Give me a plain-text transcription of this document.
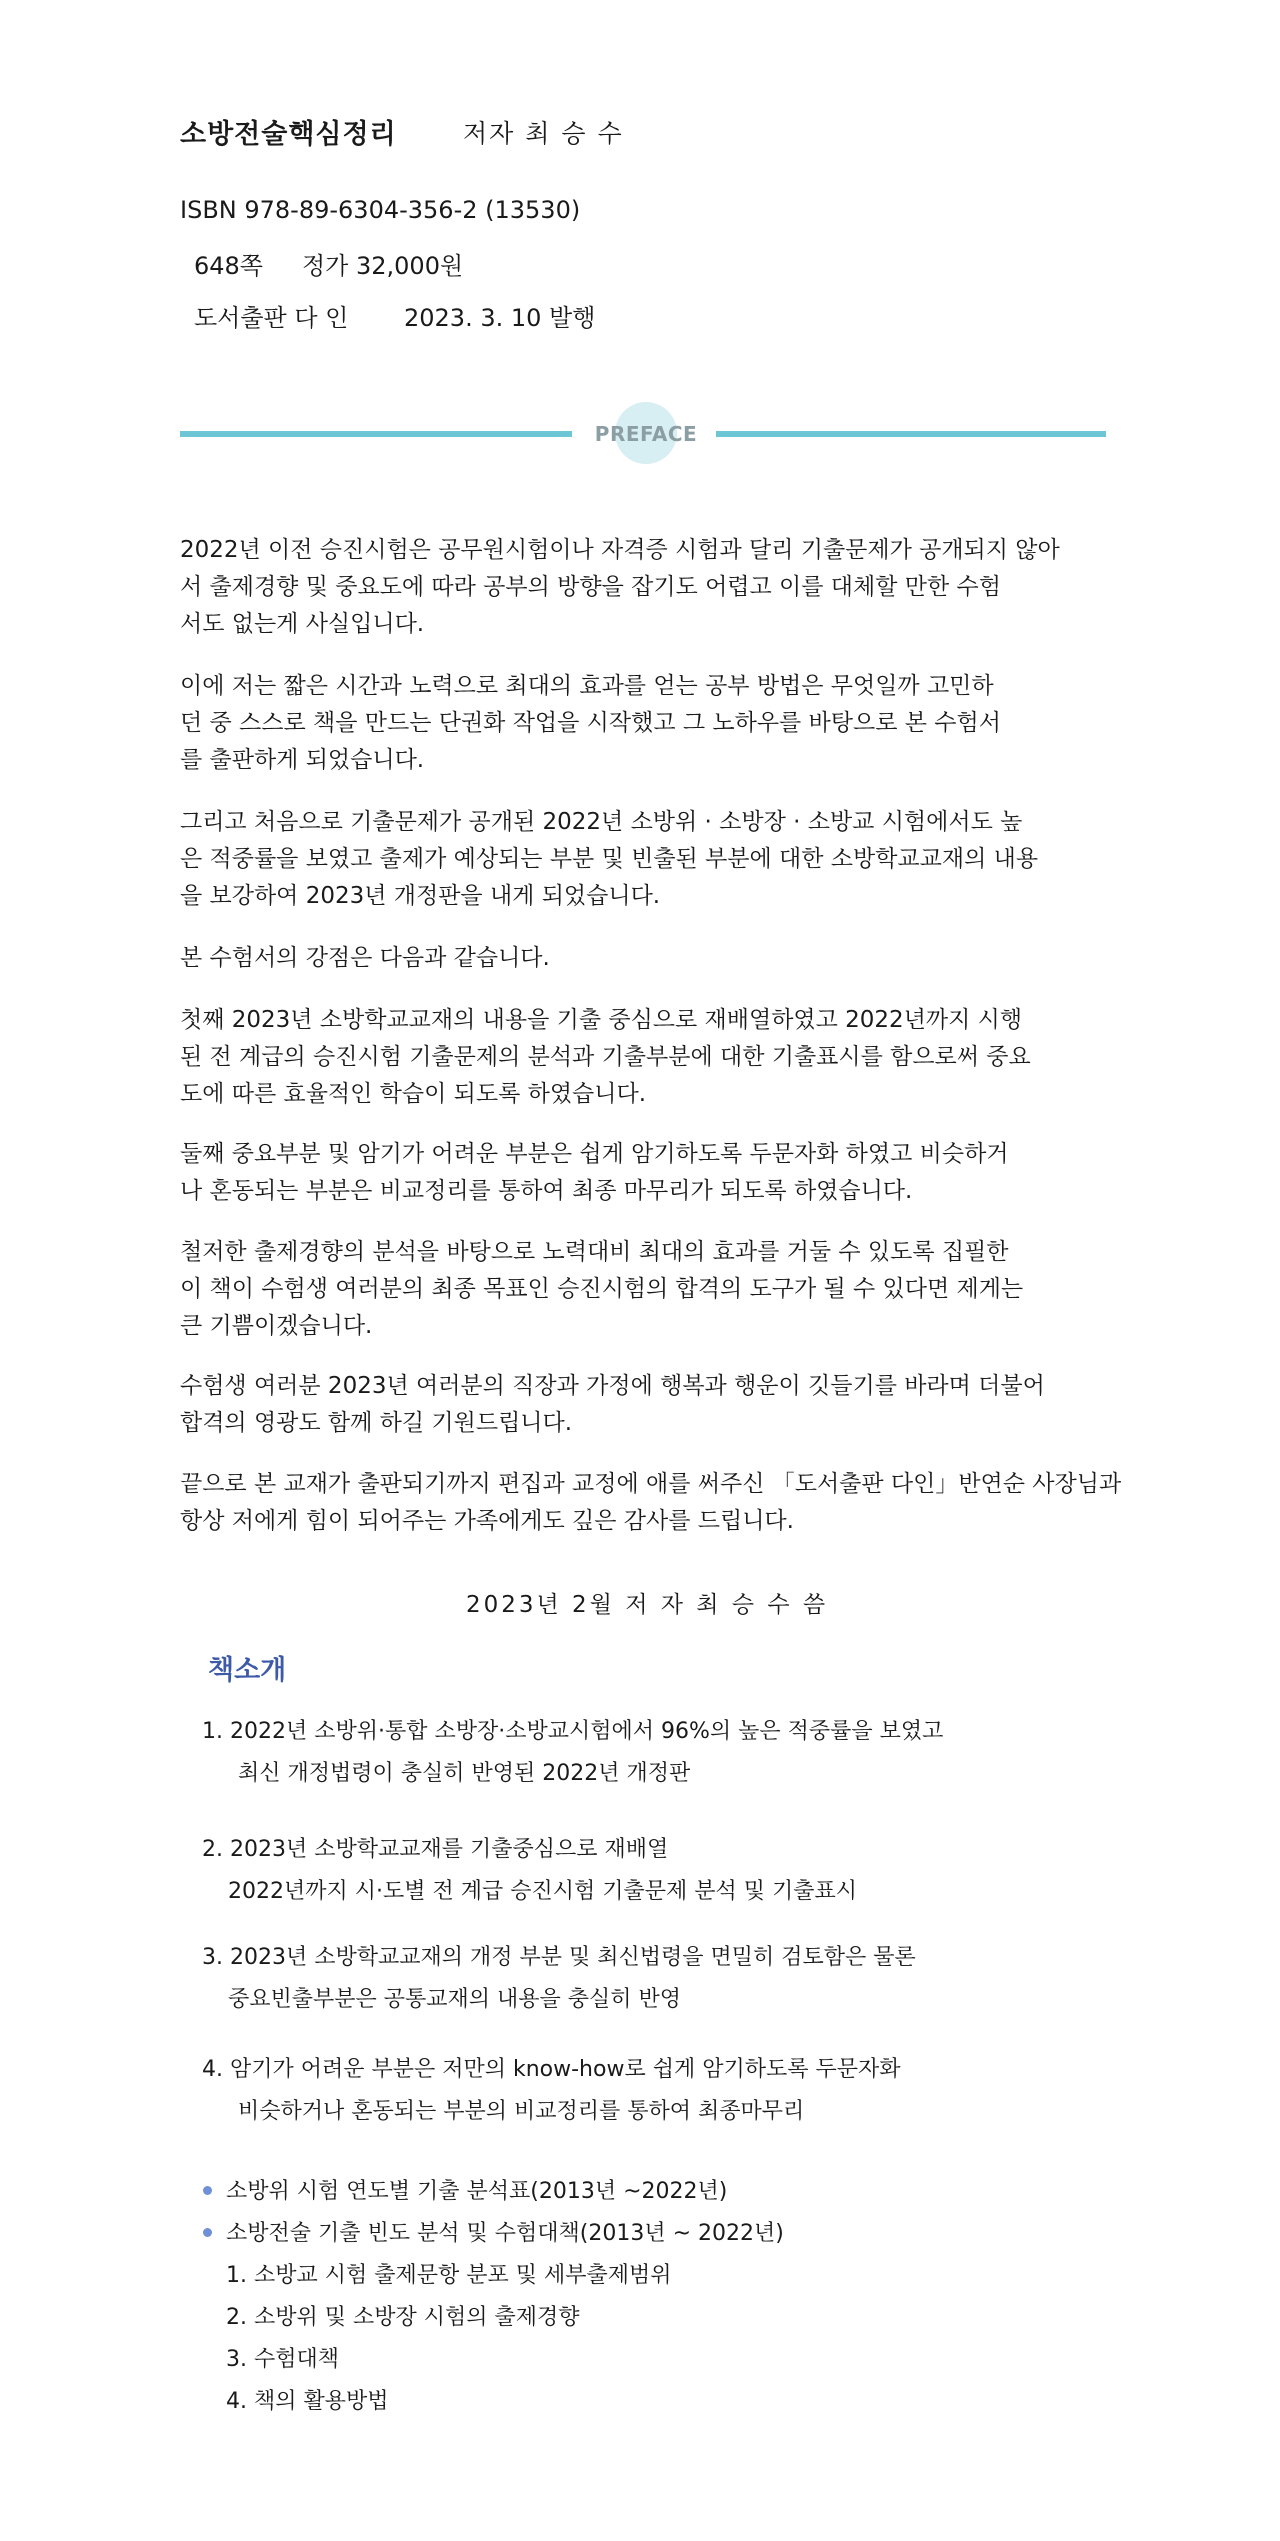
소방전술핵심정리	저자 최 승 수
ISBN 978-89-6304-356-2 (13530)
648쪽 정가 32,000원
도서출판 다 인 2023. 3. 10 발행
PREFACE
2022년 이전 승진시험은 공무원시험이나 자격증 시험과 달리 기출문제가 공개되지 않아
서 출제경향 및 중요도에 따라 공부의 방향을 잡기도 어렵고 이를 대체할 만한 수험
서도 없는게 사실입니다.
이에 저는 짧은 시간과 노력으로 최대의 효과를 얻는 공부 방법은 무엇일까 고민하
던 중 스스로 책을 만드는 단권화 작업을 시작했고 그 노하우를 바탕으로 본 수험서
를 출판하게 되었습니다.
그리고 처음으로 기출문제가 공개된 2022년 소방위 · 소방장 · 소방교 시험에서도 높
은 적중률을 보였고 출제가 예상되는 부분 및 빈출된 부분에 대한 소방학교교재의 내용
을 보강하여 2023년 개정판을 내게 되었습니다.
본 수험서의 강점은 다음과 같습니다.
첫째 2023년 소방학교교재의 내용을 기출 중심으로 재배열하였고 2022년까지 시행
된 전 계급의 승진시험 기출문제의 분석과 기출부분에 대한 기출표시를 함으로써 중요
도에 따른 효율적인 학습이 되도록 하였습니다.
둘째 중요부분 및 암기가 어려운 부분은 쉽게 암기하도록 두문자화 하였고 비슷하거
나 혼동되는 부분은 비교정리를 통하여 최종 마무리가 되도록 하였습니다.
철저한 출제경향의 분석을 바탕으로 노력대비 최대의 효과를 거둘 수 있도록 집필한
이 책이 수험생 여러분의 최종 목표인 승진시험의 합격의 도구가 될 수 있다면 제게는
큰 기쁨이겠습니다.
수험생 여러분 2023년 여러분의 직장과 가정에 행복과 행운이 깃들기를 바라며 더불어
합격의 영광도 함께 하길 기원드립니다.
끝으로 본 교재가 출판되기까지 편집과 교정에 애를 써주신 「도서출판 다인」반연순 사장님과
항상 저에게 힘이 되어주는 가족에게도 깊은 감사를 드립니다.
2023년 2월 저 자 최 승 수 씀
책소개
1. 2022년 소방위·통합 소방장·소방교시험에서 96%의 높은 적중률을 보였고
최신 개정법령이 충실히 반영된 2022년 개정판
2. 2023년 소방학교교재를 기출중심으로 재배열
2022년까지 시·도별 전 계급 승진시험 기출문제 분석 및 기출표시
3. 2023년 소방학교교재의 개정 부분 및 최신법령을 면밀히 검토함은 물론
중요빈출부분은 공통교재의 내용을 충실히 반영
4. 암기가 어려운 부분은 저만의 know-how로 쉽게 암기하도록 두문자화
비슷하거나 혼동되는 부분의 비교정리를 통하여 최종마무리
소방위 시험 연도별 기출 분석표(2013년 ~2022년)
소방전술 기출 빈도 분석 및 수험대책(2013년 ~ 2022년)
1. 소방교 시험 출제문항 분포 및 세부출제범위
2. 소방위 및 소방장 시험의 출제경향
3. 수험대책
4. 책의 활용방법
